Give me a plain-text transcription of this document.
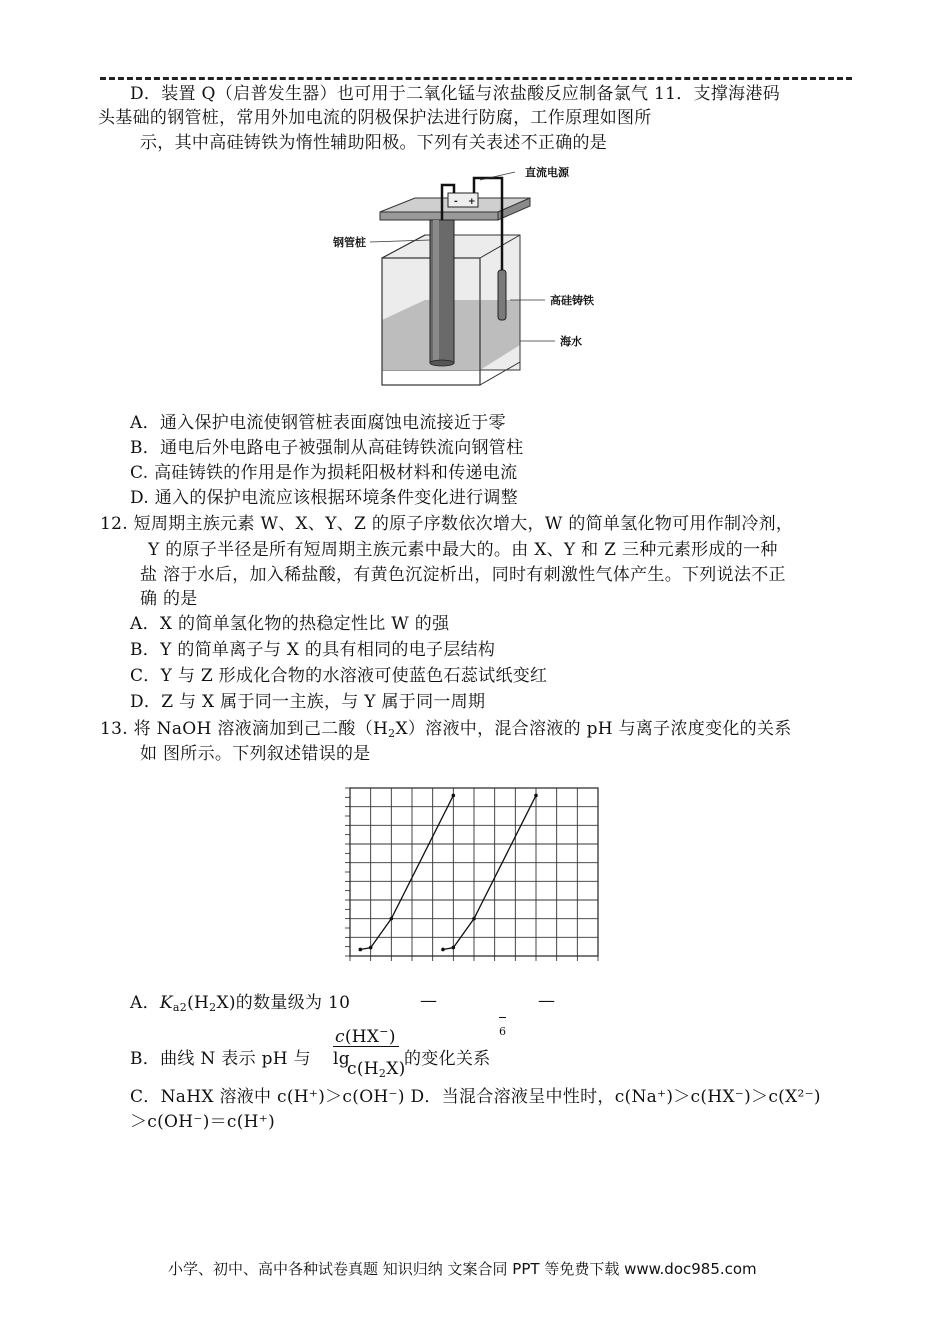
D．装置 Q（启普发生器）也可用于二氧化锰与浓盐酸反应制备氯气 11．支撑海港码
头基础的钢管桩，常用外加电流的阴极保护法进行防腐，工作原理如图所
示，其中高硅铸铁为惰性辅助阳极。下列有关表述不正确的是
- +
直流电源
钢管桩
高硅铸铁
海水
A．通入保护电流使钢管桩表面腐蚀电流接近于零
B．通电后外电路电子被强制从高硅铸铁流向钢管柱
C. 高硅铸铁的作用是作为损耗阳极材料和传递电流
D. 通入的保护电流应该根据环境条件变化进行调整
12. 短周期主族元素 W、X、Y、Z 的原子序数依次增大，W 的简单氢化物可用作制冷剂，
Y 的原子半径是所有短周期主族元素中最大的。由 X、Y 和 Z 三种元素形成的一种
盐 溶于水后，加入稀盐酸，有黄色沉淀析出，同时有刺激性气体产生。下列说法不正
确 的是
A．X 的简单氢化物的热稳定性比 W 的强
B．Y 的简单离子与 X 的具有相同的电子层结构
C．Y 与 Z 形成化合物的水溶液可使蓝色石蕊试纸变红
D．Z 与 X 属于同一主族，与 Y 属于同一周期
13. 将 NaOH 溶液滴加到己二酸$(H_2X)$溶液中，混合溶液的 pH 与离子浓度变化的关系
如 图所示。下列叙述错误的是
A．$K_{a2}(H_2X)$的数量级为 10	—	—
6
c(HX−)
B．曲线 N 表示 pH 与 lg
$c(H_2X)$
的变化关系
C．NaHX 溶液中 c(H⁺)＞c(OH⁻) D．当混合溶液呈中性时，c(Na⁺)＞c(HX⁻)＞c(X²⁻)
＞c(OH⁻)＝c(H⁺)
小学、初中、高中各种试卷真题 知识归纳 文案合同 PPT 等免费下载 www.doc985.com
